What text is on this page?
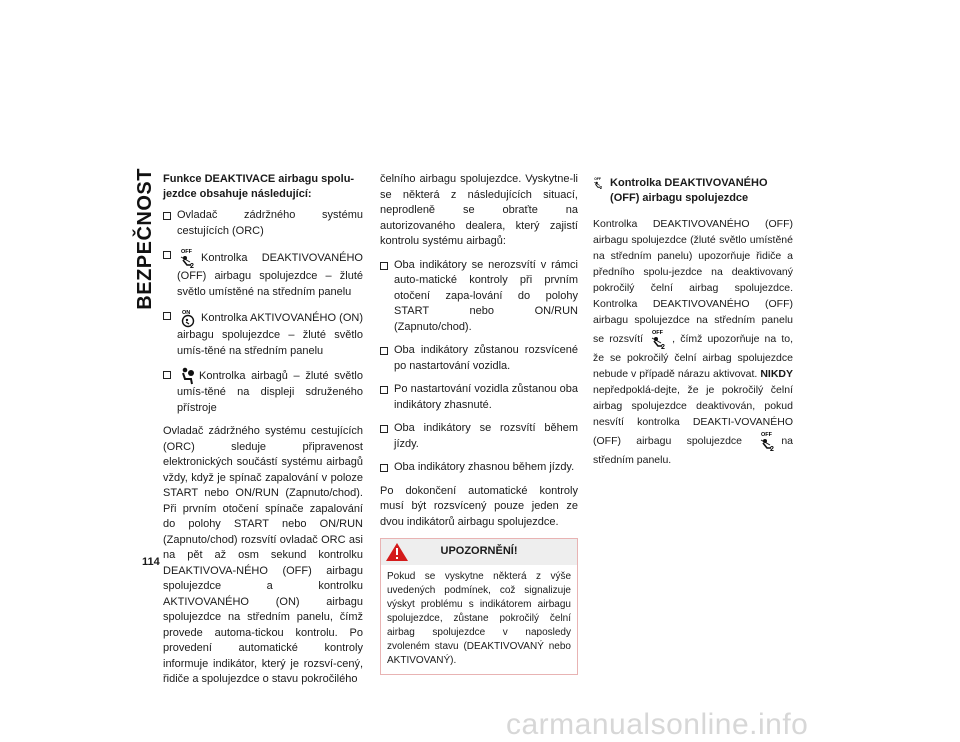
BEZPEČNOST
114
Funkce DEAKTIVACE airbagu spolu-jezdce obsahuje následující:
Ovladač zádržného systému cestujících (ORC)
OFF
2
Kontrolka DEAKTIVOVANÉHO (OFF) airbagu spolujezdce – žluté světlo umístěné na středním panelu
ON Kontrolka AKTIVOVANÉHO (ON) airbagu spolujezdce – žluté světlo umís-těné na středním panelu
Kontrolka airbagů – žluté světlo umís-těné na displeji sdruženého přístroje

Ovladač zádržného systému cestujících (ORC) sleduje připravenost elektronických součástí systému airbagů vždy, když je spínač zapalování v poloze START nebo ON/RUN (Zapnuto/chod). Při prvním otočení spínače zapalování do polohy START nebo ON/RUN (Zapnuto/chod) rozsvítí ovladač ORC asi na pět až osm sekund kontrolku DEAKTIVOVA-NÉHO (OFF) airbagu spolujezdce a kontrolku AKTIVOVANÉHO (ON) airbagu spolujezdce na středním panelu, čímž provede automa-tickou kontrolu. Po provedení automatické kontroly informuje indikátor, který je rozsví-cený, řidiče a spolujezdce o stavu pokročilého

čelního airbagu spolujezdce. Vyskytne-li se některá z následujících situací, neprodleně se obraťte na autorizovaného dealera, který zajistí kontrolu systému airbagů:

Oba indikátory se nerozsvítí v rámci auto-matické kontroly při prvním otočení zapa-lování do polohy START nebo ON/RUN (Zapnuto/chod).
Oba indikátory zůstanou rozsvícené po nastartování vozidla.
Po nastartování vozidla zůstanou oba indikátory zhasnuté.
Oba indikátory se rozsvítí během jízdy.
Oba indikátory zhasnou během jízdy.

Po dokončení automatické kontroly musí být rozsvícený pouze jeden ze dvou indikátorů airbagu spolujezdce.

UPOZORNĚNÍ!
Pokud se vyskytne některá z výše uvedených podmínek, což signalizuje výskyt problému s indikátorem airbagu spolujezdce, zůstane pokročilý čelní airbag spolujezdce v naposledy zvoleném stavu (DEAKTIVOVANÝ nebo AKTIVOVANÝ).
OFF
2 Kontrolka DEAKTIVOVANÉHO (OFF) airbagu spolujezdce

Kontrolka DEAKTIVOVANÉHO (OFF) airbagu spolujezdce (žluté světlo umístěné na středním panelu) upozorňuje řidiče a předního spolu-jezdce na deaktivovaný pokročilý čelní airbag spolujezdce. Kontrolka DEAKTIVOVANÉHO (OFF) airbagu spolujezdce na středním panelu se rozsvítí OFF
2
, čímž upozorňuje na to, že se pokročilý čelní airbag spolujezdce nebude v případě nárazu aktivovat. NIKDY nepředpoklá-dejte, že je pokročilý čelní airbag spolujezdce deaktivován, pokud nesvítí kontrolka DEAKTI-VOVANÉHO (OFF) airbagu spolujezdce	OFF
2
na středním panelu.

carmanualsonline.info
